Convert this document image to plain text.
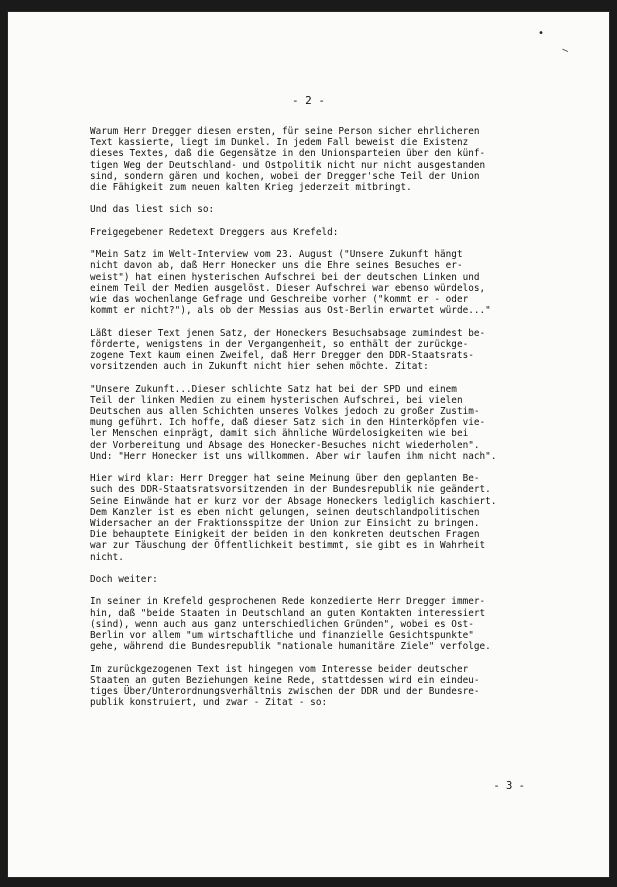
•
—
- 2 -
Warum Herr Dregger diesen ersten, für seine Person sicher ehrlicheren
Text kassierte, liegt im Dunkel. In jedem Fall beweist die Existenz
dieses Textes, daß die Gegensätze in den Unionsparteien über den künf-
tigen Weg der Deutschland- und Ostpolitik nicht nur nicht ausgestanden
sind, sondern gären und kochen, wobei der Dregger'sche Teil der Union
die Fähigkeit zum neuen kalten Krieg jederzeit mitbringt.
Und das liest sich so:
Freigegebener Redetext Dreggers aus Krefeld:
"Mein Satz im Welt-Interview vom 23. August ("Unsere Zukunft hängt
nicht davon ab, daß Herr Honecker uns die Ehre seines Besuches er-
weist") hat einen hysterischen Aufschrei bei der deutschen Linken und
einem Teil der Medien ausgelöst. Dieser Aufschrei war ebenso würdelos,
wie das wochenlange Gefrage und Geschreibe vorher ("kommt er - oder
kommt er nicht?"), als ob der Messias aus Ost-Berlin erwartet würde..."
Läßt dieser Text jenen Satz, der Honeckers Besuchsabsage zumindest be-
förderte, wenigstens in der Vergangenheit, so enthält der zurückge-
zogene Text kaum einen Zweifel, daß Herr Dregger den DDR-Staatsrats-
vorsitzenden auch in Zukunft nicht hier sehen möchte. Zitat:
"Unsere Zukunft...Dieser schlichte Satz hat bei der SPD und einem
Teil der linken Medien zu einem hysterischen Aufschrei, bei vielen
Deutschen aus allen Schichten unseres Volkes jedoch zu großer Zustim-
mung geführt. Ich hoffe, daß dieser Satz sich in den Hinterköpfen vie-
ler Menschen einprägt, damit sich ähnliche Würdelosigkeiten wie bei
der Vorbereitung und Absage des Honecker-Besuches nicht wiederholen".
Und: "Herr Honecker ist uns willkommen. Aber wir laufen ihm nicht nach".
Hier wird klar: Herr Dregger hat seine Meinung über den geplanten Be-
such des DDR-Staatsratsvorsitzenden in der Bundesrepublik nie geändert.
Seine Einwände hat er kurz vor der Absage Honeckers lediglich kaschiert.
Dem Kanzler ist es eben nicht gelungen, seinen deutschlandpolitischen
Widersacher an der Fraktionsspitze der Union zur Einsicht zu bringen.
Die behauptete Einigkeit der beiden in den konkreten deutschen Fragen
war zur Täuschung der Öffentlichkeit bestimmt, sie gibt es in Wahrheit
nicht.
Doch weiter:
In seiner in Krefeld gesprochenen Rede konzedierte Herr Dregger immer-
hin, daß "beide Staaten in Deutschland an guten Kontakten interessiert
(sind), wenn auch aus ganz unterschiedlichen Gründen", wobei es Ost-
Berlin vor allem "um wirtschaftliche und finanzielle Gesichtspunkte"
gehe, während die Bundesrepublik "nationale humanitäre Ziele" verfolge.
Im zurückgezogenen Text ist hingegen vom Interesse beider deutscher
Staaten an guten Beziehungen keine Rede, stattdessen wird ein eindeu-
tiges Über/Unterordnungsverhältnis zwischen der DDR und der Bundesre-
publik konstruiert, und zwar - Zitat - so:
- 3 -
